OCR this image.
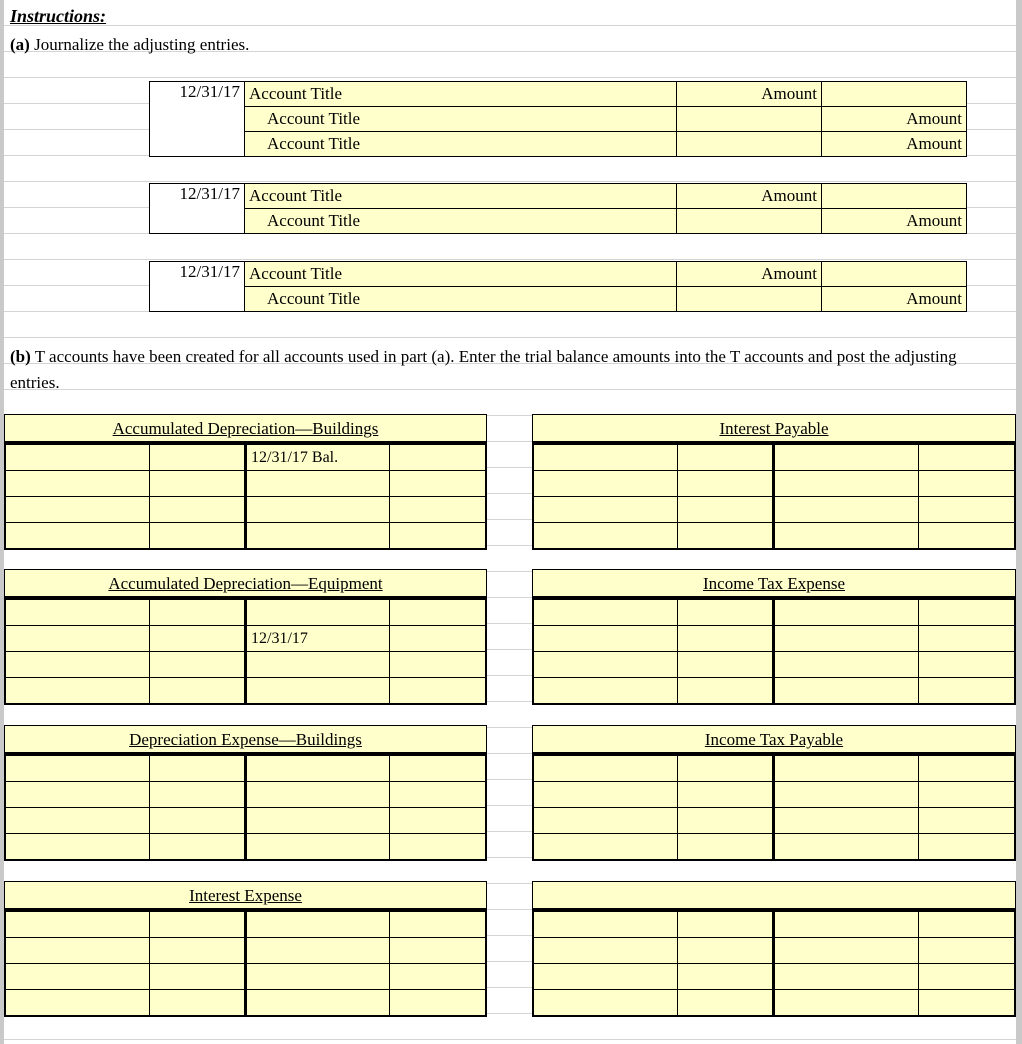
Instructions:
(a) Journalize the adjusting entries.
(b) T accounts have been created for all accounts used in part (a). Enter the trial balance amounts into the T accounts and post the adjusting entries.
12/31/17	Account Title	Amount	
	Account Title		Amount
	Account Title		Amount
12/31/17	Account Title	Amount	
	Account Title		Amount
12/31/17	Account Title	Amount	
	Account Title		Amount
Accumulated Depreciation—Buildings
		12/31/17 Bal.	

Interest Payable

Accumulated Depreciation—Equipment

		12/31/17	

Income Tax Expense

Depreciation Expense—Buildings

				Income Tax Payable

Interest Expense
